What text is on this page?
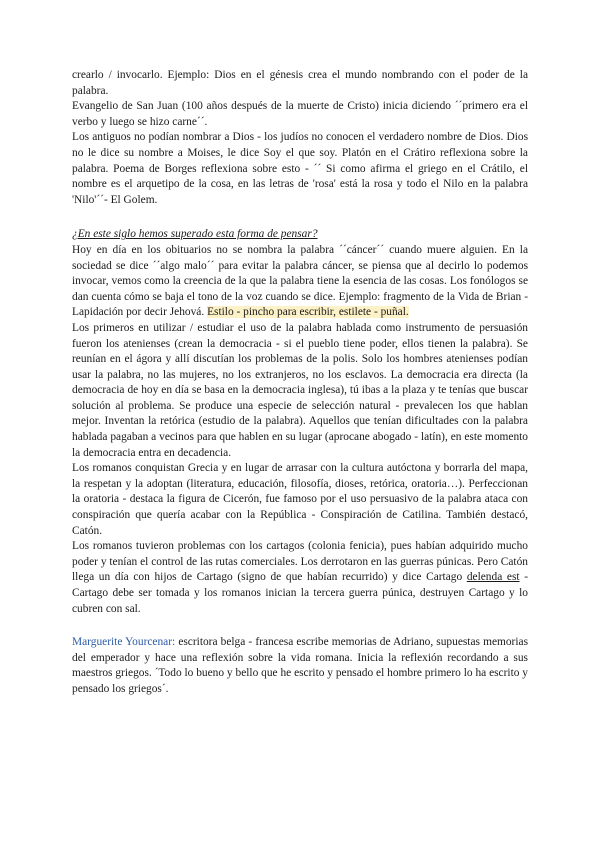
crearlo / invocarlo. Ejemplo: Dios en el génesis crea el mundo nombrando con el poder de la palabra.

Evangelio de San Juan (100 años después de la muerte de Cristo) inicia diciendo ´´primero era el verbo y luego se hizo carne´´.

Los antiguos no podían nombrar a Dios - los judíos no conocen el verdadero nombre de Dios. Dios no le dice su nombre a Moises, le dice Soy el que soy. Platón en el Crátiro reflexiona sobre la palabra. Poema de Borges reflexiona sobre esto - ´´ Si como afirma el griego en el Crátilo, el nombre es el arquetipo de la cosa, en las letras de 'rosa' está la rosa y todo el Nilo en la palabra 'Nilo'´´- El Golem.

¿En este siglo hemos superado esta forma de pensar?

Hoy en día en los obituarios no se nombra la palabra ´´cáncer´´ cuando muere alguien. En la sociedad se dice ´´algo malo´´ para evitar la palabra cáncer, se piensa que al decirlo lo podemos invocar, vemos como la creencia de la que la palabra tiene la esencia de las cosas. Los fonólogos se dan cuenta cómo se baja el tono de la voz cuando se dice. Ejemplo: fragmento de la Vida de Brian - Lapidación por decir Jehová. Estilo - pincho para escribir, estilete - puñal.

Los primeros en utilizar / estudiar el uso de la palabra hablada como instrumento de persuasión fueron los atenienses (crean la democracia - si el pueblo tiene poder, ellos tienen la palabra). Se reunían en el ágora y allí discutían los problemas de la polis. Solo los hombres atenienses podían usar la palabra, no las mujeres, no los extranjeros, no los esclavos. La democracia era directa (la democracia de hoy en día se basa en la democracia inglesa), tú ibas a la plaza y te tenías que buscar solución al problema. Se produce una especie de selección natural - prevalecen los que hablan mejor. Inventan la retórica (estudio de la palabra). Aquellos que tenían dificultades con la palabra hablada pagaban a vecinos para que hablen en su lugar (aprocane abogado - latín), en este momento la democracia entra en decadencia.

Los romanos conquistan Grecia y en lugar de arrasar con la cultura autóctona y borrarla del mapa, la respetan y la adoptan (literatura, educación, filosofía, dioses, retórica, oratoria…). Perfeccionan la oratoria - destaca la figura de Cicerón, fue famoso por el uso persuasivo de la palabra ataca con conspiración que quería acabar con la República - Conspiración de Catilina. También destacó, Catón.

Los romanos tuvieron problemas con los cartagos (colonia fenicia), pues habían adquirido mucho poder y tenían el control de las rutas comerciales. Los derrotaron en las guerras púnicas. Pero Catón llega un día con hijos de Cartago (signo de que habían recurrido) y dice Cartago delenda est - Cartago debe ser tomada y los romanos inician la tercera guerra púnica, destruyen Cartago y lo cubren con sal.

Marguerite Yourcenar: escritora belga - francesa escribe memorias de Adriano, supuestas memorias del emperador y hace una reflexión sobre la vida romana. Inicia la reflexión recordando a sus maestros griegos. ´Todo lo bueno y bello que he escrito y pensado el hombre primero lo ha escrito y pensado los griegos´.
